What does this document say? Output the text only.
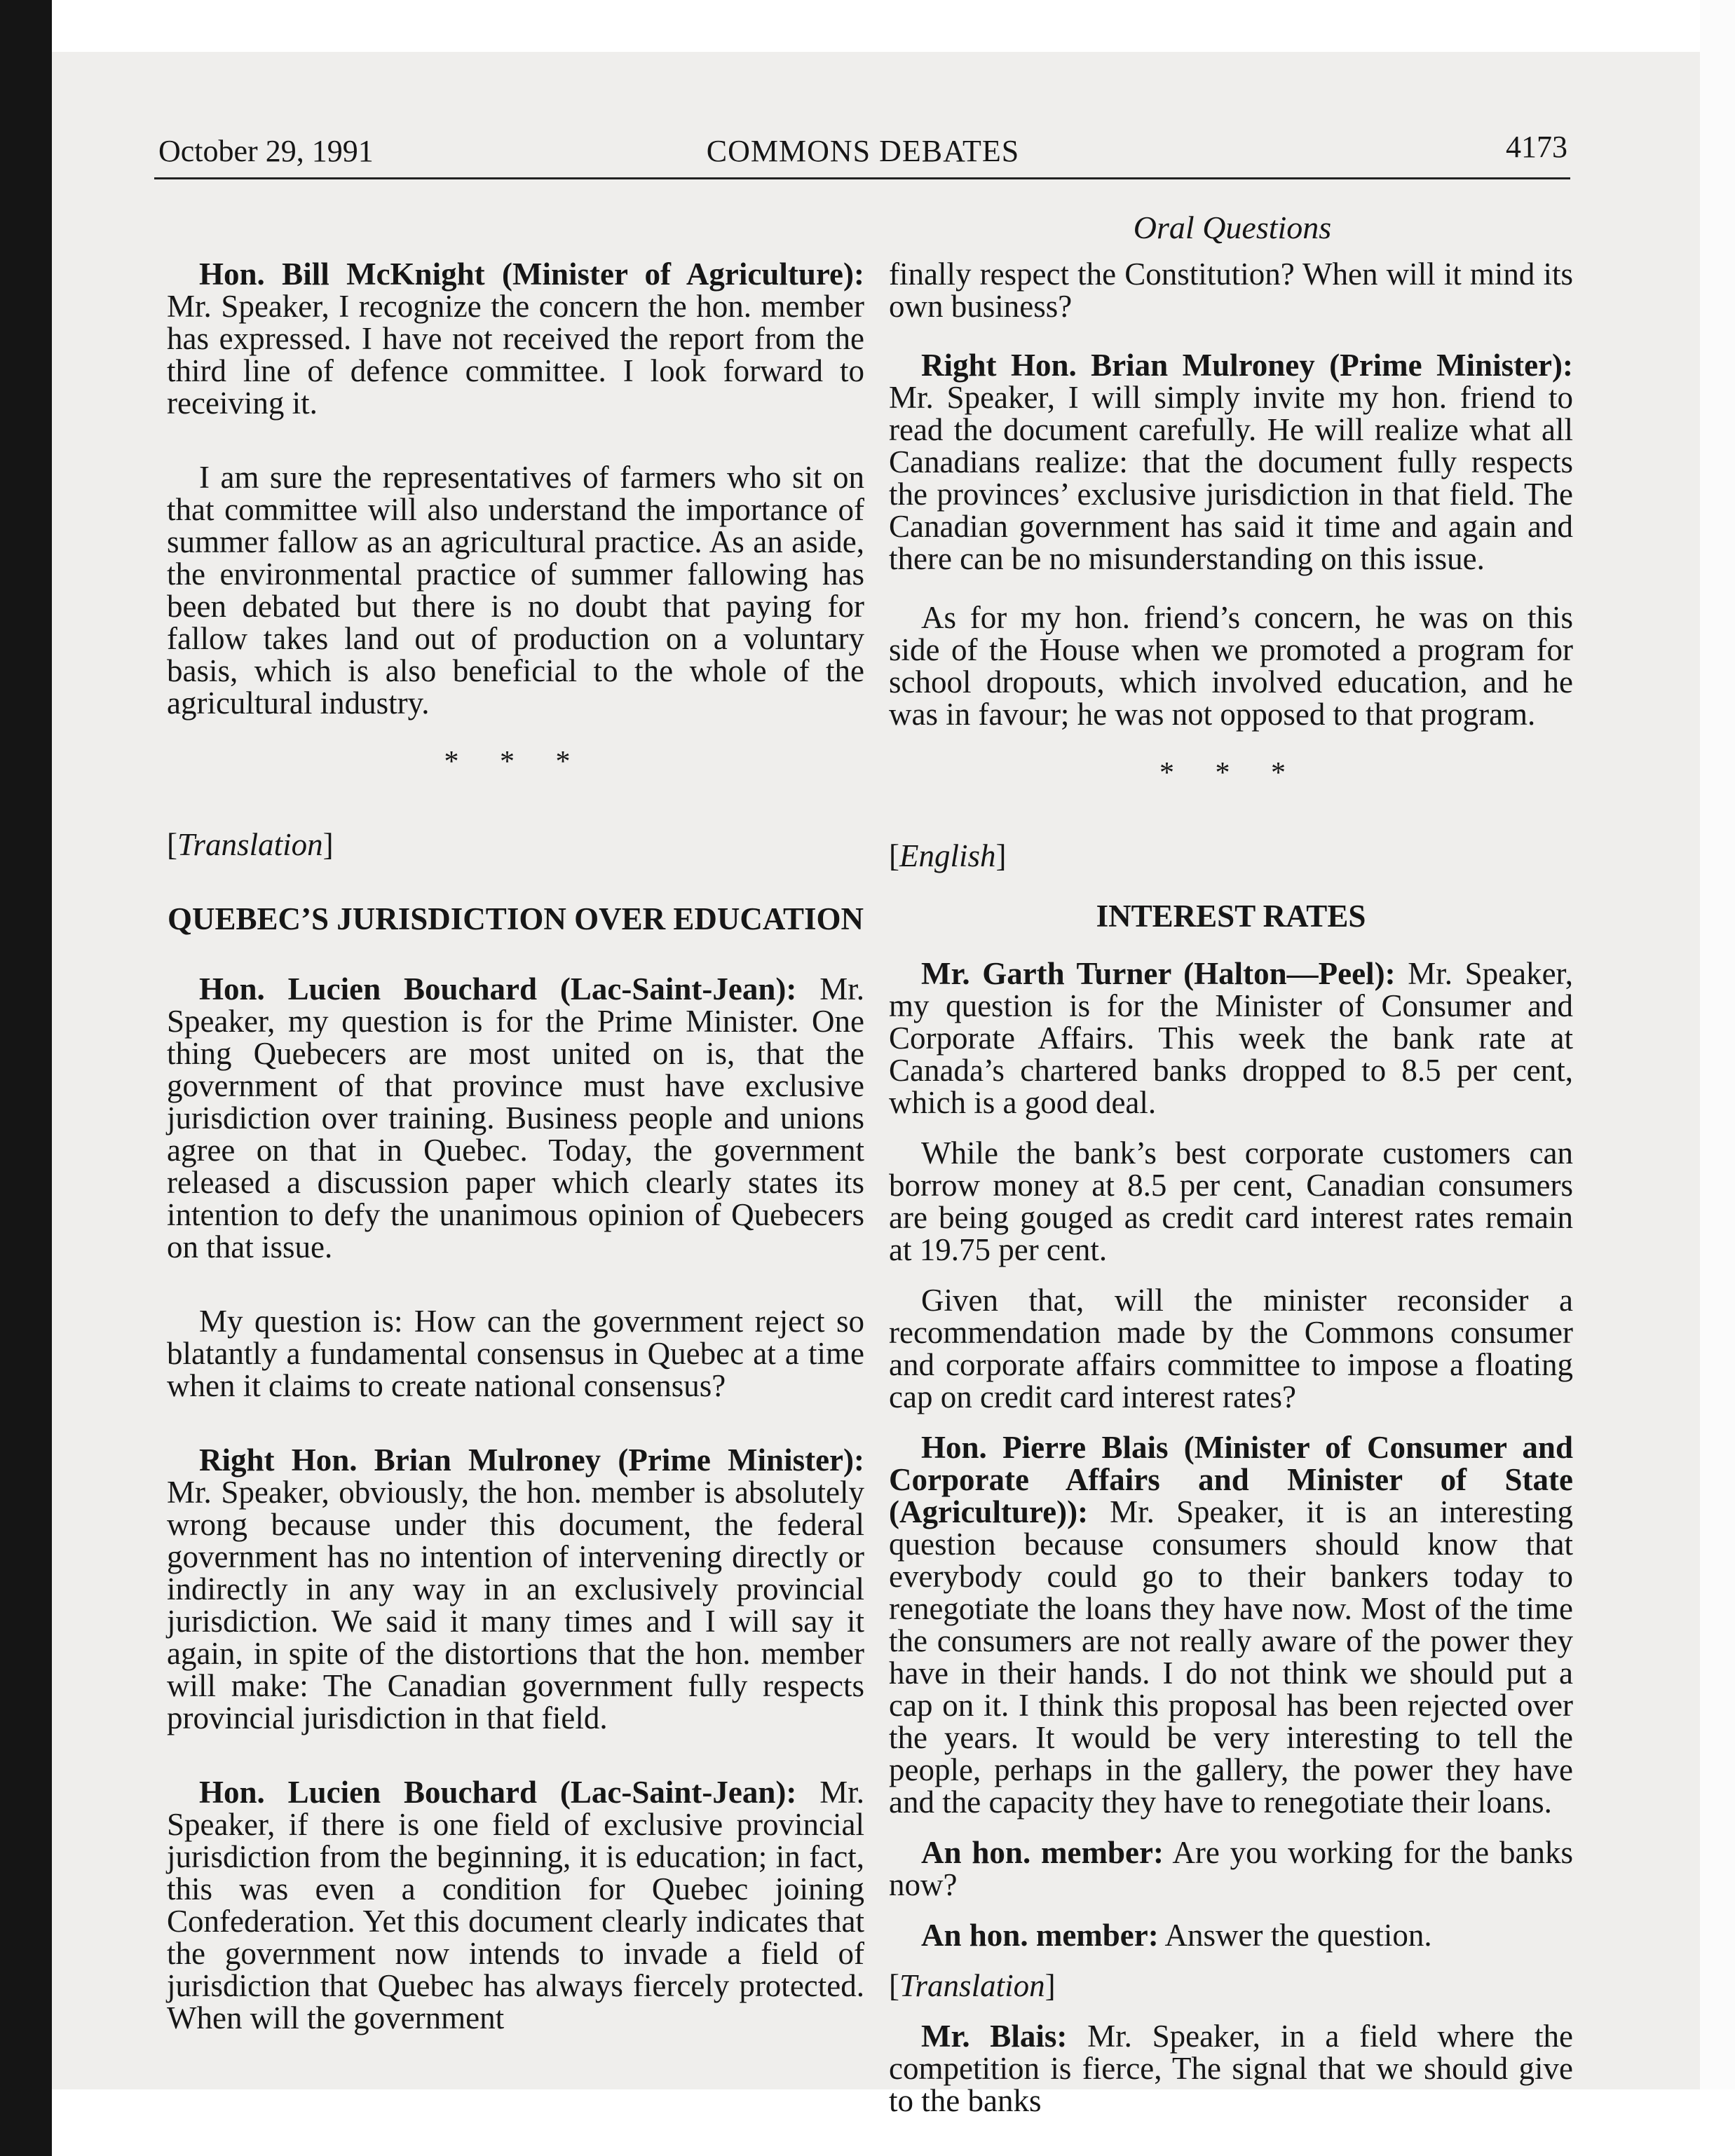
October 29, 1991	COMMONS DEBATES	4173
Oral Questions

Hon. Bill McKnight (Minister of Agriculture): Mr. Speaker, I recognize the concern the hon. member has expressed. I have not received the report from the third line of defence committee. I look forward to receiving it.

I am sure the representatives of farmers who sit on that committee will also understand the importance of summer fallow as an agricultural practice. As an aside, the environmental practice of summer fallowing has been debated but there is no doubt that paying for fallow takes land out of production on a voluntary basis, which is also beneficial to the whole of the agricultural industry.

* * *
[Translation]
QUEBEC’S JURISDICTION OVER EDUCATION

Hon. Lucien Bouchard (Lac-Saint-Jean): Mr. Speaker, my question is for the Prime Minister. One thing Quebecers are most united on is, that the government of that province must have exclusive jurisdiction over training. Business people and unions agree on that in Quebec. Today, the government released a discussion paper which clearly states its intention to defy the unanimous opinion of Quebecers on that issue.

My question is: How can the government reject so blatantly a fundamental consensus in Quebec at a time when it claims to create national consensus?

Right Hon. Brian Mulroney (Prime Minister): Mr. Speaker, obviously, the hon. member is absolutely wrong because under this document, the federal government has no intention of intervening directly or indirectly in any way in an exclusively provincial jurisdiction. We said it many times and I will say it again, in spite of the distortions that the hon. member will make: The Canadian government fully respects provincial jurisdiction in that field.

Hon. Lucien Bouchard (Lac-Saint-Jean): Mr. Speaker, if there is one field of exclusive provincial jurisdiction from the beginning, it is education; in fact, this was even a condition for Quebec joining Confederation. Yet this document clearly indicates that the government now intends to invade a field of jurisdiction that Quebec has always fiercely protected. When will the government

finally respect the Constitution? When will it mind its own business?

Right Hon. Brian Mulroney (Prime Minister): Mr. Speaker, I will simply invite my hon. friend to read the document carefully. He will realize what all Canadians realize: that the document fully respects the provinces’ exclusive jurisdiction in that field. The Canadian government has said it time and again and there can be no misunderstanding on this issue.

As for my hon. friend’s concern, he was on this side of the House when we promoted a program for school dropouts, which involved education, and he was in favour; he was not opposed to that program.

* * *
[English]
INTEREST RATES

Mr. Garth Turner (Halton—Peel): Mr. Speaker, my question is for the Minister of Consumer and Corporate Affairs. This week the bank rate at Canada’s chartered banks dropped to 8.5 per cent, which is a good deal.

While the bank’s best corporate customers can borrow money at 8.5 per cent, Canadian consumers are being gouged as credit card interest rates remain at 19.75 per cent.

Given that, will the minister reconsider a recommendation made by the Commons consumer and corporate affairs committee to impose a floating cap on credit card interest rates?

Hon. Pierre Blais (Minister of Consumer and Corporate Affairs and Minister of State (Agriculture)): Mr. Speaker, it is an interesting question because consumers should know that everybody could go to their bankers today to renegotiate the loans they have now. Most of the time the consumers are not really aware of the power they have in their hands. I do not think we should put a cap on it. I think this proposal has been rejected over the years. It would be very interesting to tell the people, perhaps in the gallery, the power they have and the capacity they have to renegotiate their loans.

An hon. member: Are you working for the banks now?

An hon. member: Answer the question.

[Translation]

Mr. Blais: Mr. Speaker, in a field where the competition is fierce, The signal that we should give to the banks
